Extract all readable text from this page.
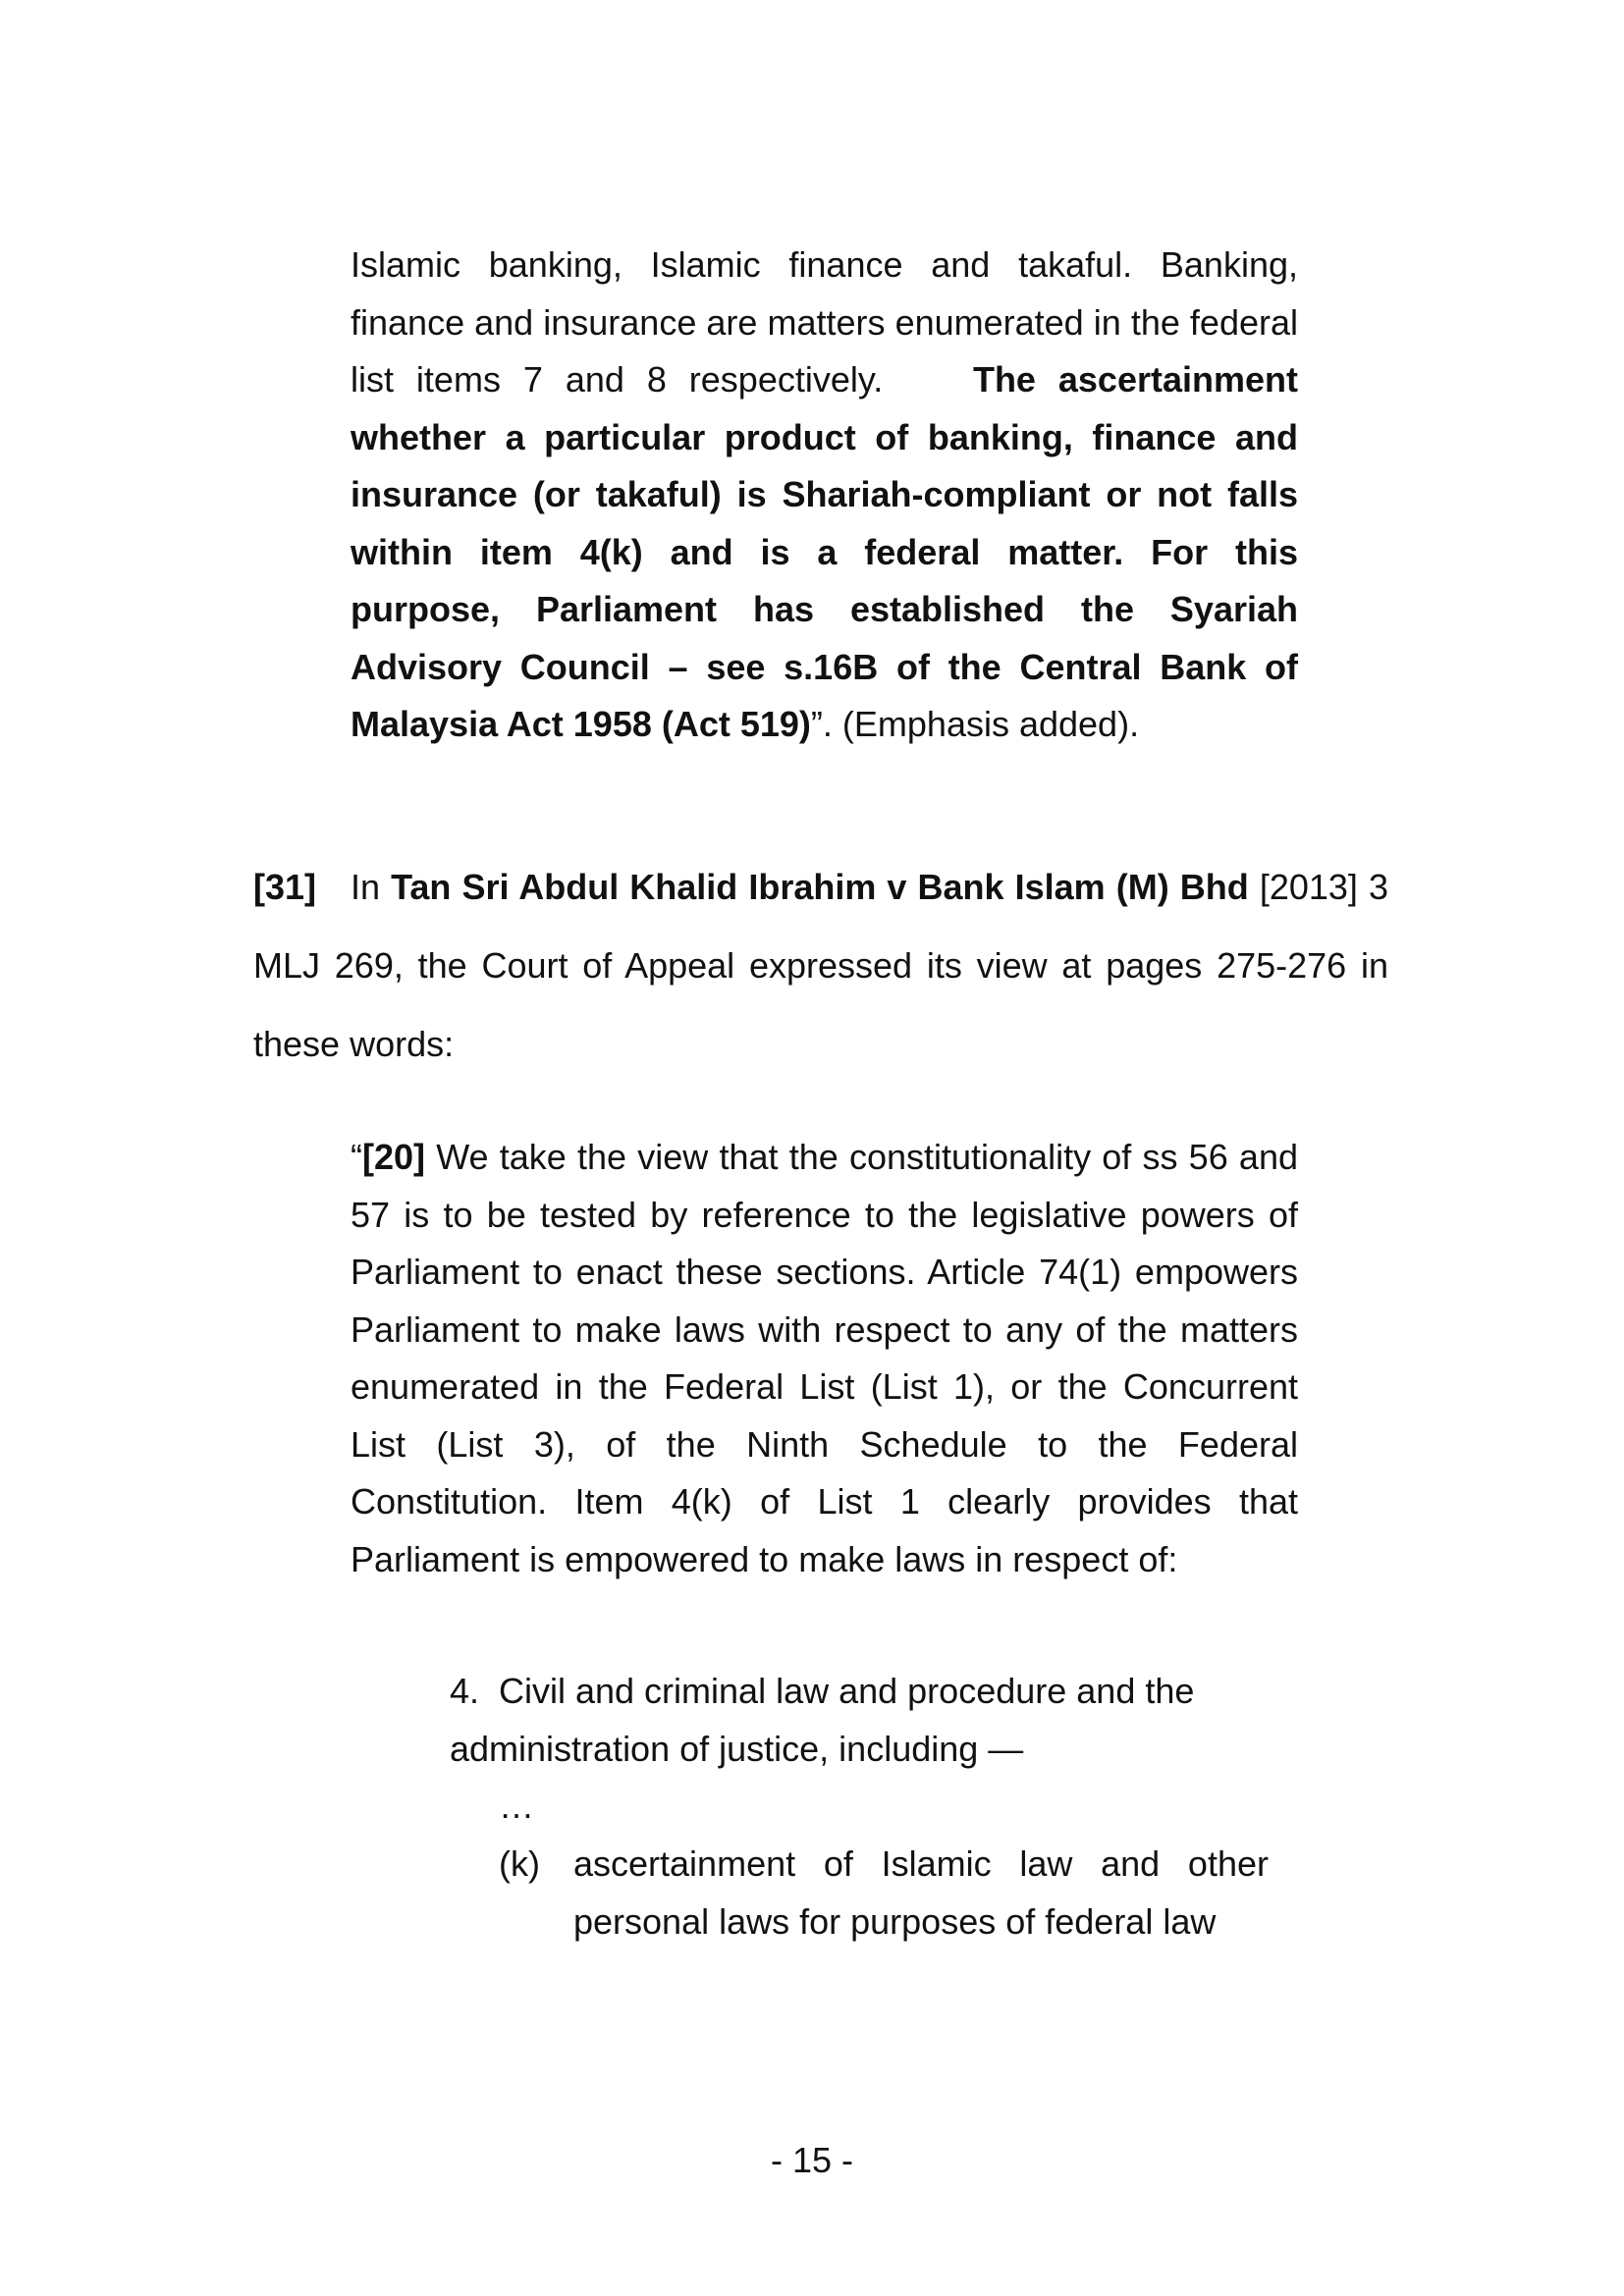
Islamic banking, Islamic finance and takaful. Banking, finance and insurance are matters enumerated in the federal list items 7 and 8 respectively.	The ascertainment whether a particular product of banking, finance and insurance (or takaful) is Shariah-compliant or not falls within item 4(k) and is a federal matter. For this purpose, Parliament has established the Syariah Advisory Council – see s.16B of the Central Bank of Malaysia Act 1958 (Act 519)”. (Emphasis added).
[31] In Tan Sri Abdul Khalid Ibrahim v Bank Islam (M) Bhd [2013] 3 MLJ 269, the Court of Appeal expressed its view at pages 275-276 in these words:
“[20] We take the view that the constitutionality of ss 56 and 57 is to be tested by reference to the legislative powers of Parliament to enact these sections. Article 74(1) empowers Parliament to make laws with respect to any of the matters enumerated in the Federal List (List 1), or the Concurrent List (List 3), of the Ninth Schedule to the Federal Constitution. Item 4(k) of List 1 clearly provides that Parliament is empowered to make laws in respect of:
4. Civil and criminal law and procedure and the administration of justice, including —
…
(k) ascertainment of Islamic law and other personal laws for purposes of federal law
- 15 -
